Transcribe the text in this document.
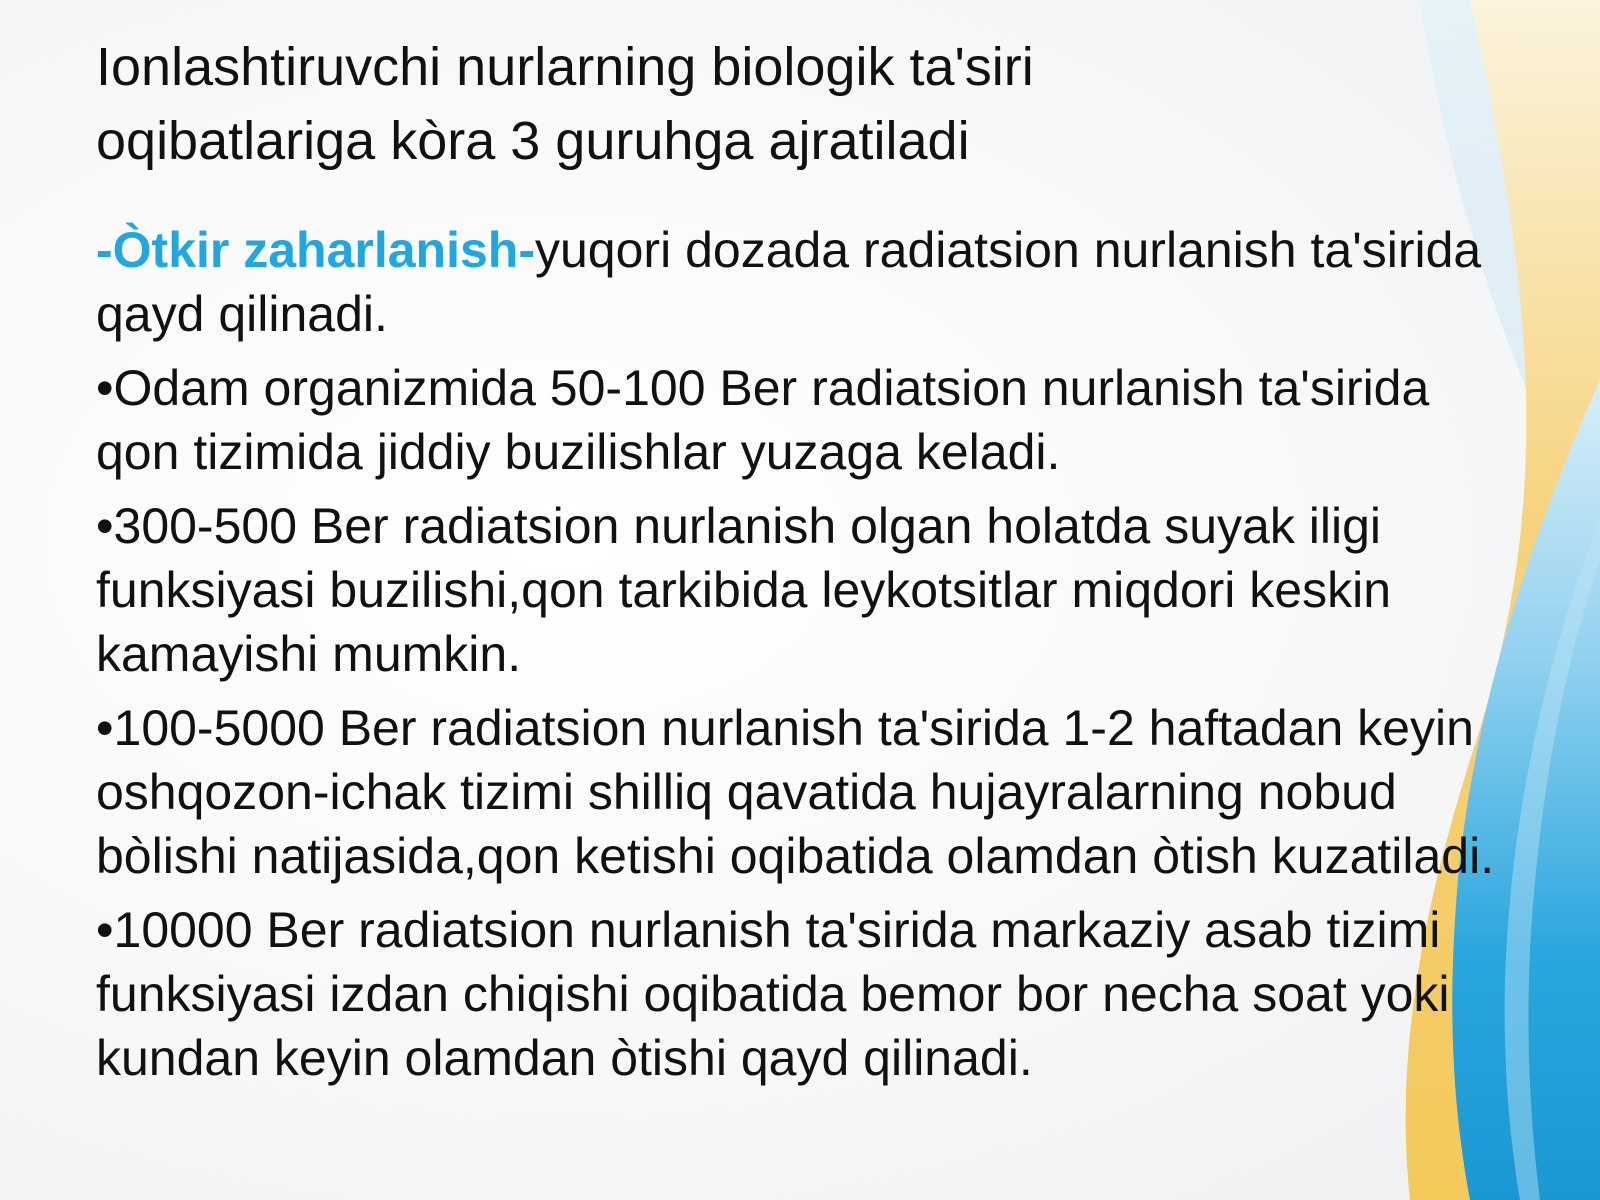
Ionlashtiruvchi nurlarning biologik ta'siri
oqibatlariga kòra 3 guruhga ajratiladi

-Òtkir zaharlanish-yuqori dozada radiatsion nurlanish ta'sirida qayd qilinadi.

•Odam organizmida 50-100 Ber radiatsion nurlanish ta'sirida qon tizimida jiddiy buzilishlar yuzaga keladi.

•300-500 Ber radiatsion nurlanish olgan holatda suyak iligi funksiyasi buzilishi,qon tarkibida leykotsitlar miqdori keskin kamayishi mumkin.

•100-5000 Ber radiatsion nurlanish ta'sirida 1-2 haftadan keyin oshqozon-ichak tizimi shilliq qavatida hujayralarning nobud bòlishi natijasida,qon ketishi oqibatida olamdan òtish kuzatiladi.

•10000 Ber radiatsion nurlanish ta'sirida markaziy asab tizimi funksiyasi izdan chiqishi oqibatida bemor bor necha soat yoki kundan keyin olamdan òtishi qayd qilinadi.
